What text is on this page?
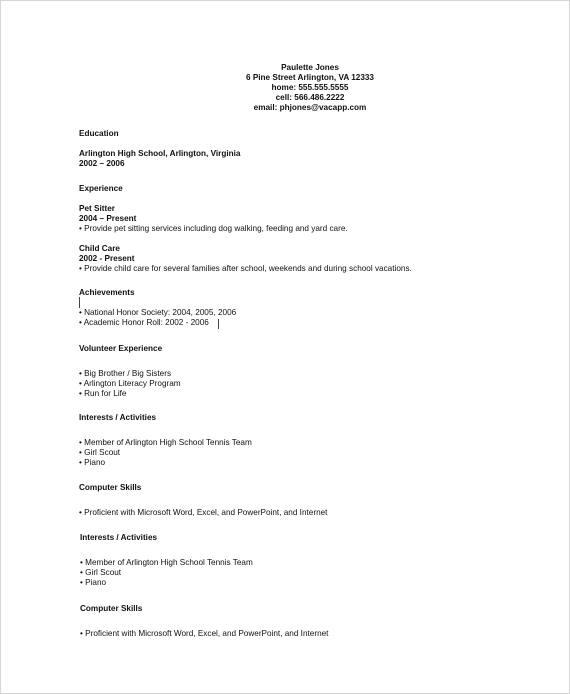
Paulette Jones
6 Pine Street Arlington, VA 12333
home: 555.555.5555
cell: 566.486.2222
email: phjones@vacapp.com
Education
Arlington High School, Arlington, Virginia
2002 – 2006
Experience
Pet Sitter
2004 – Present
• Provide pet sitting services including dog walking, feeding and yard care.
Child Care
2002 - Present
• Provide child care for several families after school, weekends and during school vacations.
Achievements
• National Honor Society: 2004, 2005, 2006
• Academic Honor Roll: 2002 - 2006
Volunteer Experience
• Big Brother / Big Sisters
• Arlington Literacy Program
• Run for Life
Interests / Activities
• Member of Arlington High School Tennis Team
• Girl Scout
• Piano
Computer Skills
• Proficient with Microsoft Word, Excel, and PowerPoint, and Internet
Interests / Activities
• Member of Arlington High School Tennis Team
• Girl Scout
• Piano
Computer Skills
• Proficient with Microsoft Word, Excel, and PowerPoint, and Internet
